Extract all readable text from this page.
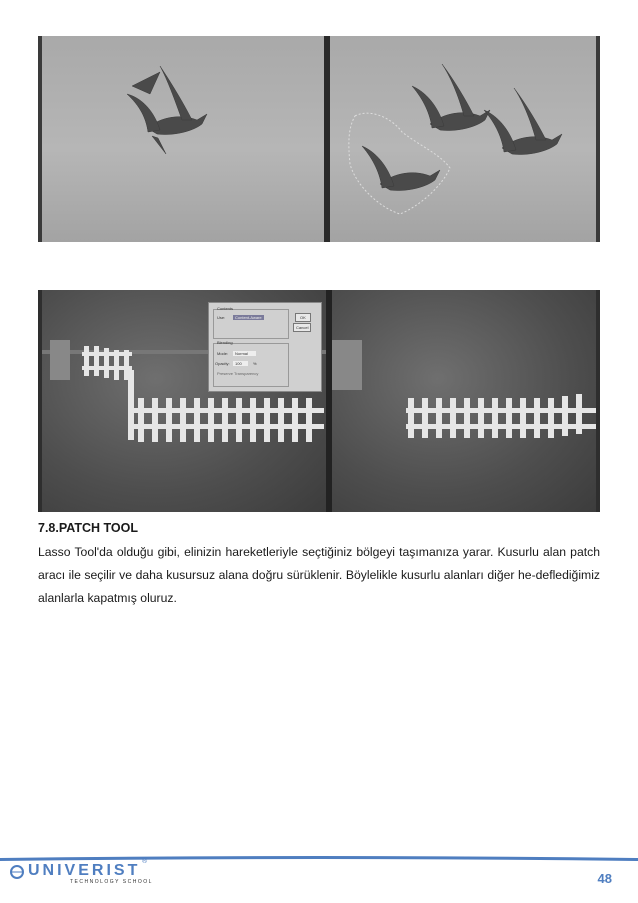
Contents
Use:	Content-Aware	OK
Cancel
Blending
Mode:	Normal
Opacity:	100	%
Preserve Transparency
7.8.PATCH TOOL

Lasso Tool'da olduğu gibi, elinizin hareketleriyle seçtiğiniz bölgeyi taşımanıza yarar. Kusurlu alan patch aracı ile seçilir ve daha kusursuz alana doğru sürüklenir. Böylelikle kusurlu alanları diğer he-deflediğimiz alanlarla kapatmış oluruz.

UNIVERIST
®
TECHNOLOGY SCHOOL	48
